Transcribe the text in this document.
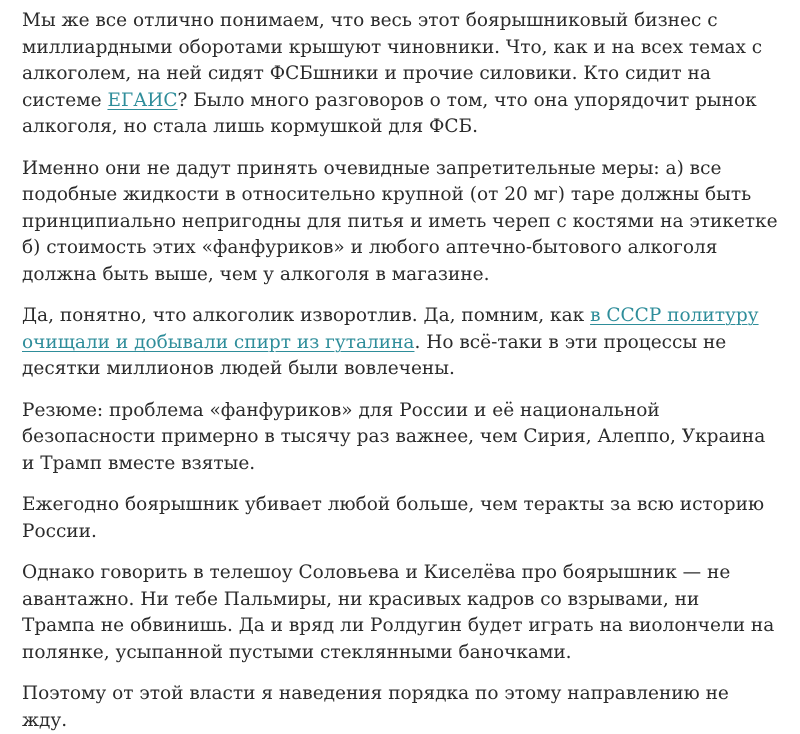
Мы же все отлично понимаем, что весь этот боярышниковый бизнес с миллиардными оборотами крышуют чиновники. Что, как и на всех темах с алкоголем, на ней сидят ФСБшники и прочие силовики. Кто сидит на системе ЕГАИС? Было много разговоров о том, что она упорядочит рынок алкоголя, но стала лишь кормушкой для ФСБ.

Именно они не дадут принять очевидные запретительные меры: а) все подобные жидкости в относительно крупной (от 20 мг) таре должны быть принципиально непригодны для питья и иметь череп с костями на этикетке б) стоимость этих «фанфуриков» и любого аптечно-бытового алкоголя должна быть выше, чем у алкоголя в магазине.

Да, понятно, что алкоголик изворотлив. Да, помним, как в СССР политуру очищали и добывали спирт из гуталина. Но всё-таки в эти процессы не десятки миллионов людей были вовлечены.

Резюме: проблема «фанфуриков» для России и её национальной безопасности примерно в тысячу раз важнее, чем Сирия, Алеппо, Украина и Трамп вместе взятые.

Ежегодно боярышник убивает любой больше, чем теракты за всю историю России.

Однако говорить в телешоу Соловьева и Киселёва про боярышник — не авантажно. Ни тебе Пальмиры, ни красивых кадров со взрывами, ни Трампа не обвинишь. Да и вряд ли Ролдугин будет играть на виолончели на полянке, усыпанной пустыми стеклянными баночками.

Поэтому от этой власти я наведения порядка по этому направлению не жду.
